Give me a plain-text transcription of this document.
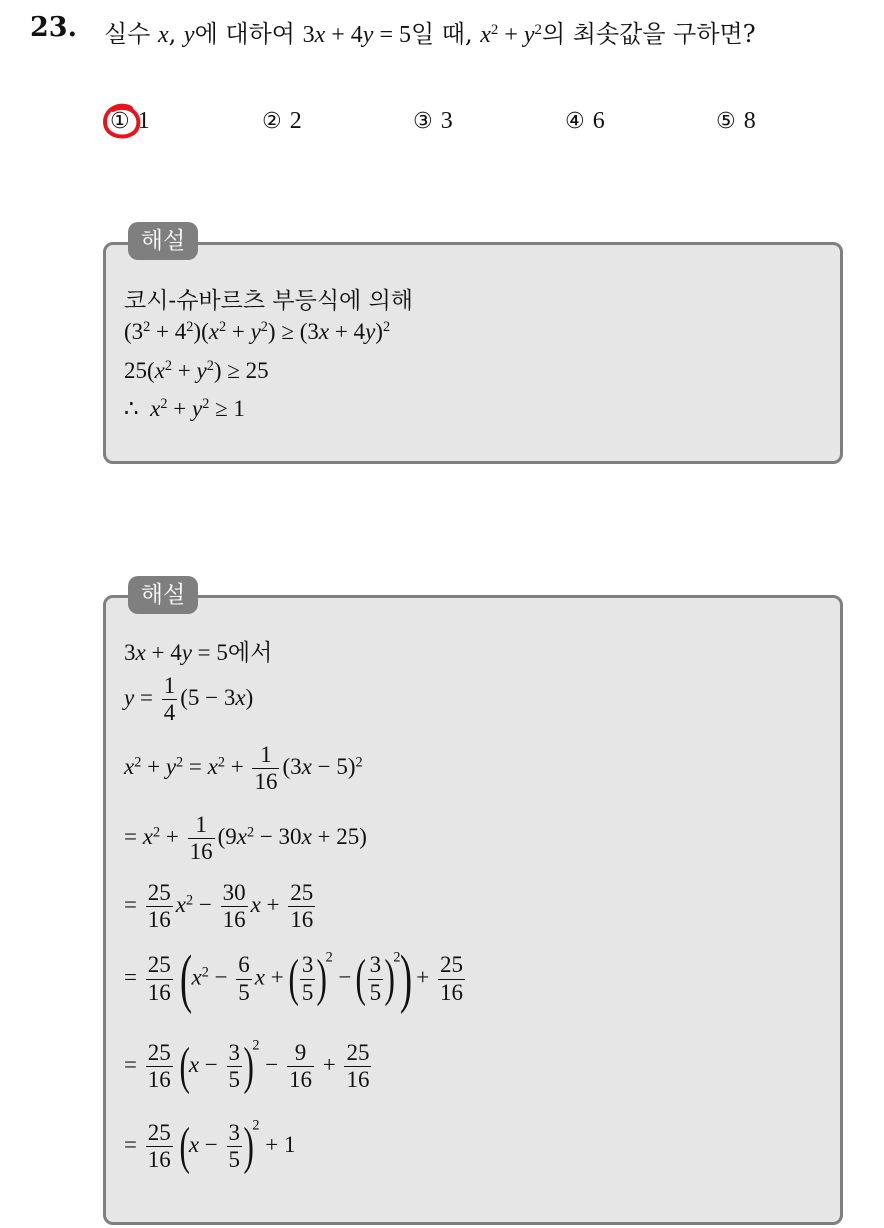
23. 실수 x, y에 대하여 3x + 4y = 5일 때, $x^2 + y^2$의 최솟값을 구하면?
① 1	② 2	③ 3	④ 6	⑤ 8
해설
코시-슈바르츠 부등식에 의해
$(3^2 + 4^2)(x^2 + y^2) \ge (3x + 4y)^2$
$25(x^2 + y^2) \ge 25$
∴  $x^2 + y^2 \ge 1$
해설
3x + 4y = 5에서
$y = \frac{1}{4} (5 - 3x)$
$x^2 + y^2 = x^2 + \frac{1}{16} (3x - 5)^2$
= $x^2 + \frac{1}{16} (9x^2 - 30x + 25)$
= $\frac{25}{16} x^2 - \frac{30}{16}$ $x + \frac{25}{16}$
= $\frac{25}{16} (x^2 - \frac{6}{5}$ x + ( $\frac{3}{5} )^2$ − ( $\frac{3}{5} )^2) + \frac{25}{16}$
= $\frac{25}{16} (x - \frac{3}{5} )^2 - \frac{9}{16} + \frac{25}{16}$
= $\frac{25}{16} (x - \frac{3}{5} )^2 + 1$
